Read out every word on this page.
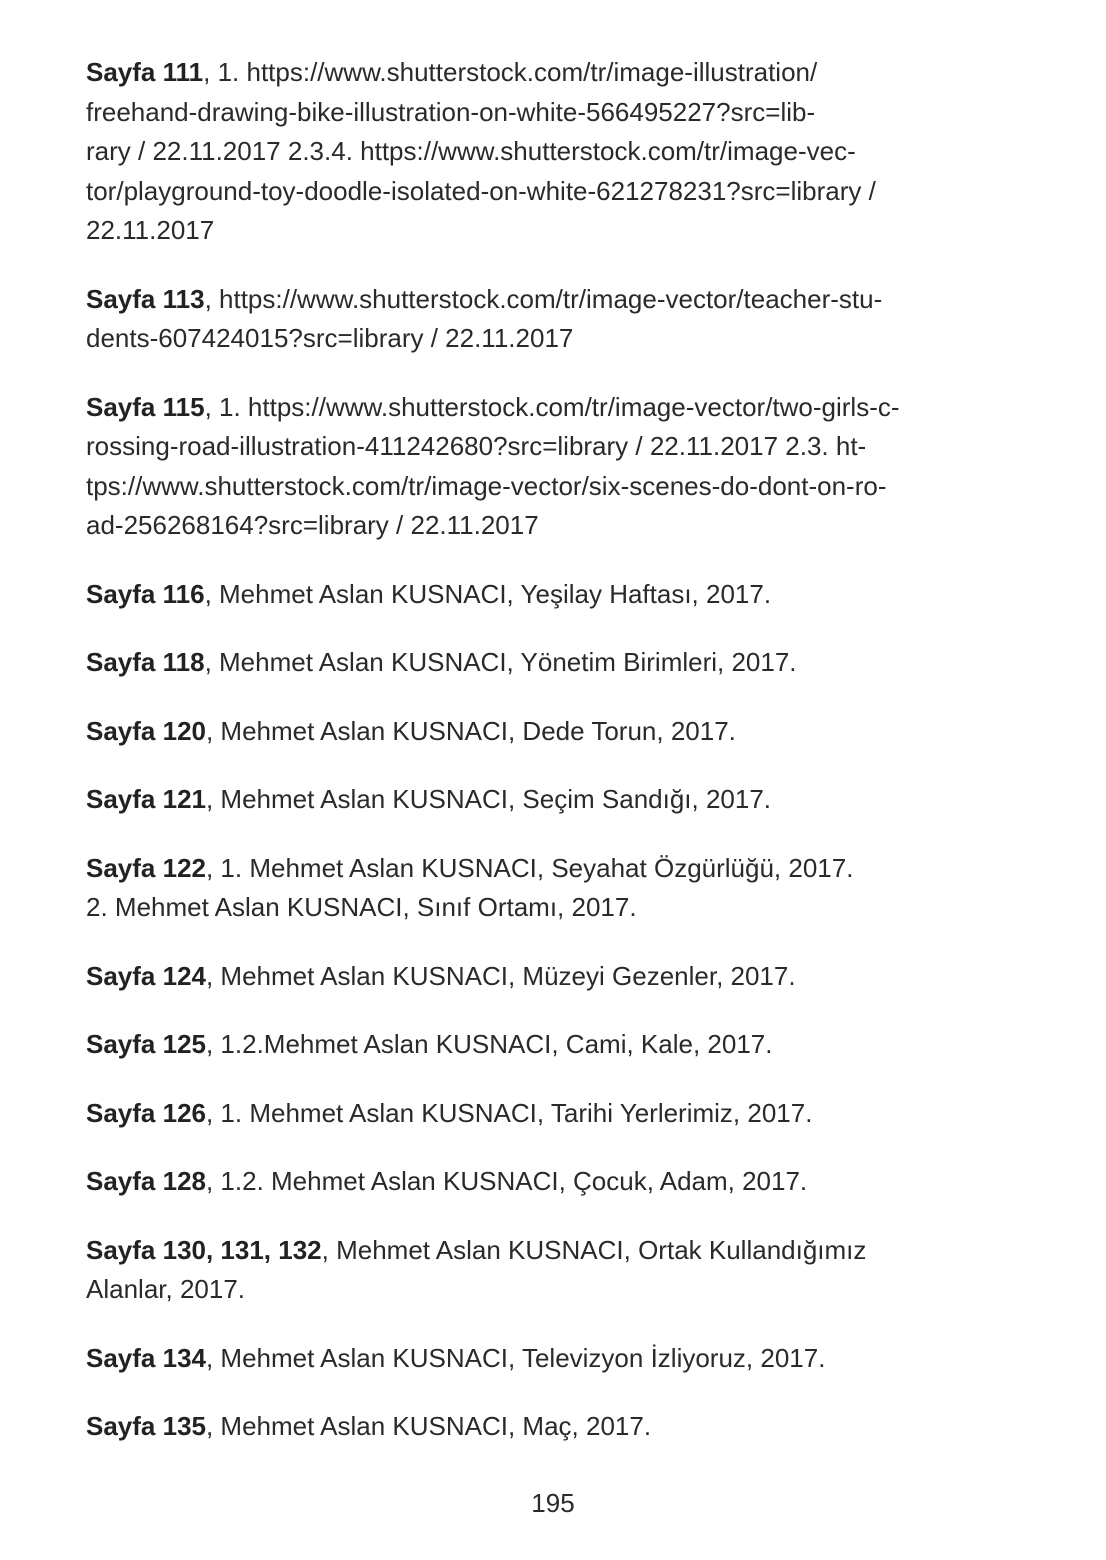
Sayfa 111, 1. https://www.shutterstock.com/tr/image-illustration/
freehand-drawing-bike-illustration-on-white-566495227?src=lib-
rary / 22.11.2017 2.3.4. https://www.shutterstock.com/tr/image-vec-
tor/playground-toy-doodle-isolated-on-white-621278231?src=library /
22.11.2017
Sayfa 113, https://www.shutterstock.com/tr/image-vector/teacher-stu-
dents-607424015?src=library / 22.11.2017
Sayfa 115, 1. https://www.shutterstock.com/tr/image-vector/two-girls-c-
rossing-road-illustration-411242680?src=library / 22.11.2017 2.3. ht-
tps://www.shutterstock.com/tr/image-vector/six-scenes-do-dont-on-ro-
ad-256268164?src=library / 22.11.2017
Sayfa 116, Mehmet Aslan KUSNACI, Yeşilay Haftası, 2017.
Sayfa 118, Mehmet Aslan KUSNACI, Yönetim Birimleri, 2017.
Sayfa 120, Mehmet Aslan KUSNACI, Dede Torun, 2017.
Sayfa 121, Mehmet Aslan KUSNACI, Seçim Sandığı, 2017.
Sayfa 122, 1. Mehmet Aslan KUSNACI, Seyahat Özgürlüğü, 2017.
2. Mehmet Aslan KUSNACI, Sınıf Ortamı, 2017.
Sayfa 124, Mehmet Aslan KUSNACI, Müzeyi Gezenler, 2017.
Sayfa 125, 1.2.Mehmet Aslan KUSNACI, Cami, Kale, 2017.
Sayfa 126, 1. Mehmet Aslan KUSNACI, Tarihi Yerlerimiz, 2017.
Sayfa 128, 1.2. Mehmet Aslan KUSNACI, Çocuk, Adam, 2017.
Sayfa 130, 131, 132, Mehmet Aslan KUSNACI, Ortak Kullandığımız
Alanlar, 2017.
Sayfa 134, Mehmet Aslan KUSNACI, Televizyon İzliyoruz, 2017.
Sayfa 135, Mehmet Aslan KUSNACI, Maç, 2017.
195
